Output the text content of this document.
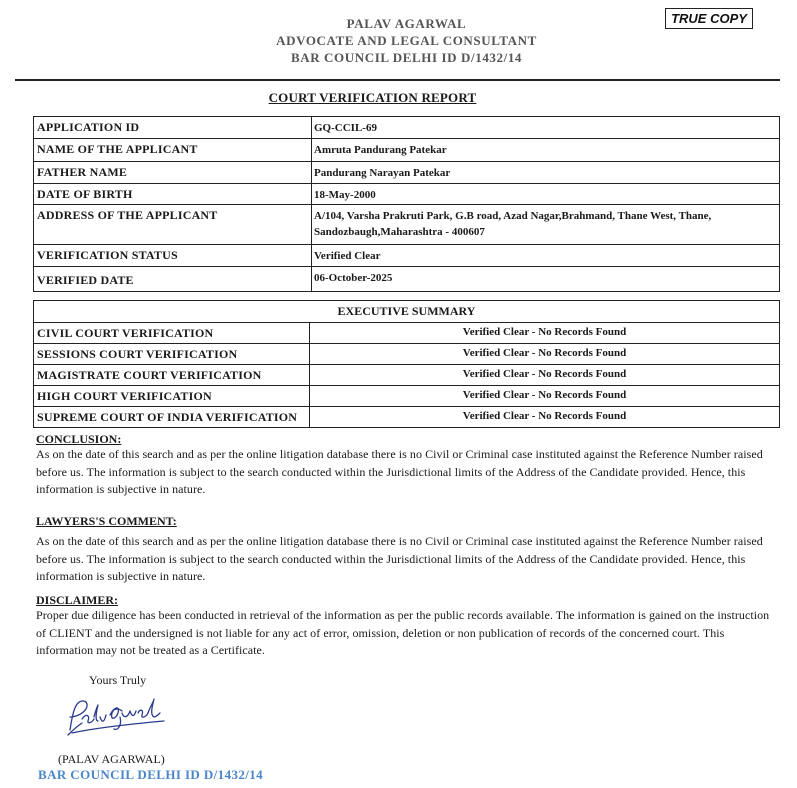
TRUE COPY
PALAV AGARWAL
ADVOCATE AND LEGAL CONSULTANT
BAR COUNCIL DELHI ID D/1432/14
COURT VERIFICATION REPORT
APPLICATION ID	GQ-CCIL-69
NAME OF THE APPLICANT	Amruta Pandurang Patekar
FATHER NAME	Pandurang Narayan Patekar
DATE OF BIRTH	18-May-2000
ADDRESS OF THE APPLICANT	A/104, Varsha Prakruti Park, G.B road, Azad Nagar,Brahmand, Thane West, Thane, Sandozbaugh,Maharashtra - 400607
VERIFICATION STATUS	Verified Clear
VERIFIED DATE	06-October-2025
EXECUTIVE SUMMARY	
CIVIL COURT VERIFICATION	Verified Clear - No Records Found
SESSIONS COURT VERIFICATION	Verified Clear - No Records Found
MAGISTRATE COURT VERIFICATION	Verified Clear - No Records Found
HIGH COURT VERIFICATION	Verified Clear - No Records Found
SUPREME COURT OF INDIA VERIFICATION	Verified Clear - No Records Found
CONCLUSION:

As on the date of this search and as per the online litigation database there is no Civil or Criminal case instituted against the Reference Number raised before us. The information is subject to the search conducted within the Jurisdictional limits of the Address of the Candidate provided. Hence, this information is subjective in nature.

LAWYERS'S COMMENT:

As on the date of this search and as per the online litigation database there is no Civil or Criminal case instituted against the Reference Number raised before us. The information is subject to the search conducted within the Jurisdictional limits of the Address of the Candidate provided. Hence, this information is subjective in nature.

DISCLAIMER:

Proper due diligence has been conducted in retrieval of the information as per the public records available. The information is gained on the instruction of CLIENT and the undersigned is not liable for any act of error, omission, deletion or non publication of records of the concerned court. This information may not be treated as a Certificate.

Yours Truly
(PALAV AGARWAL)
BAR COUNCIL DELHI ID D/1432/14
